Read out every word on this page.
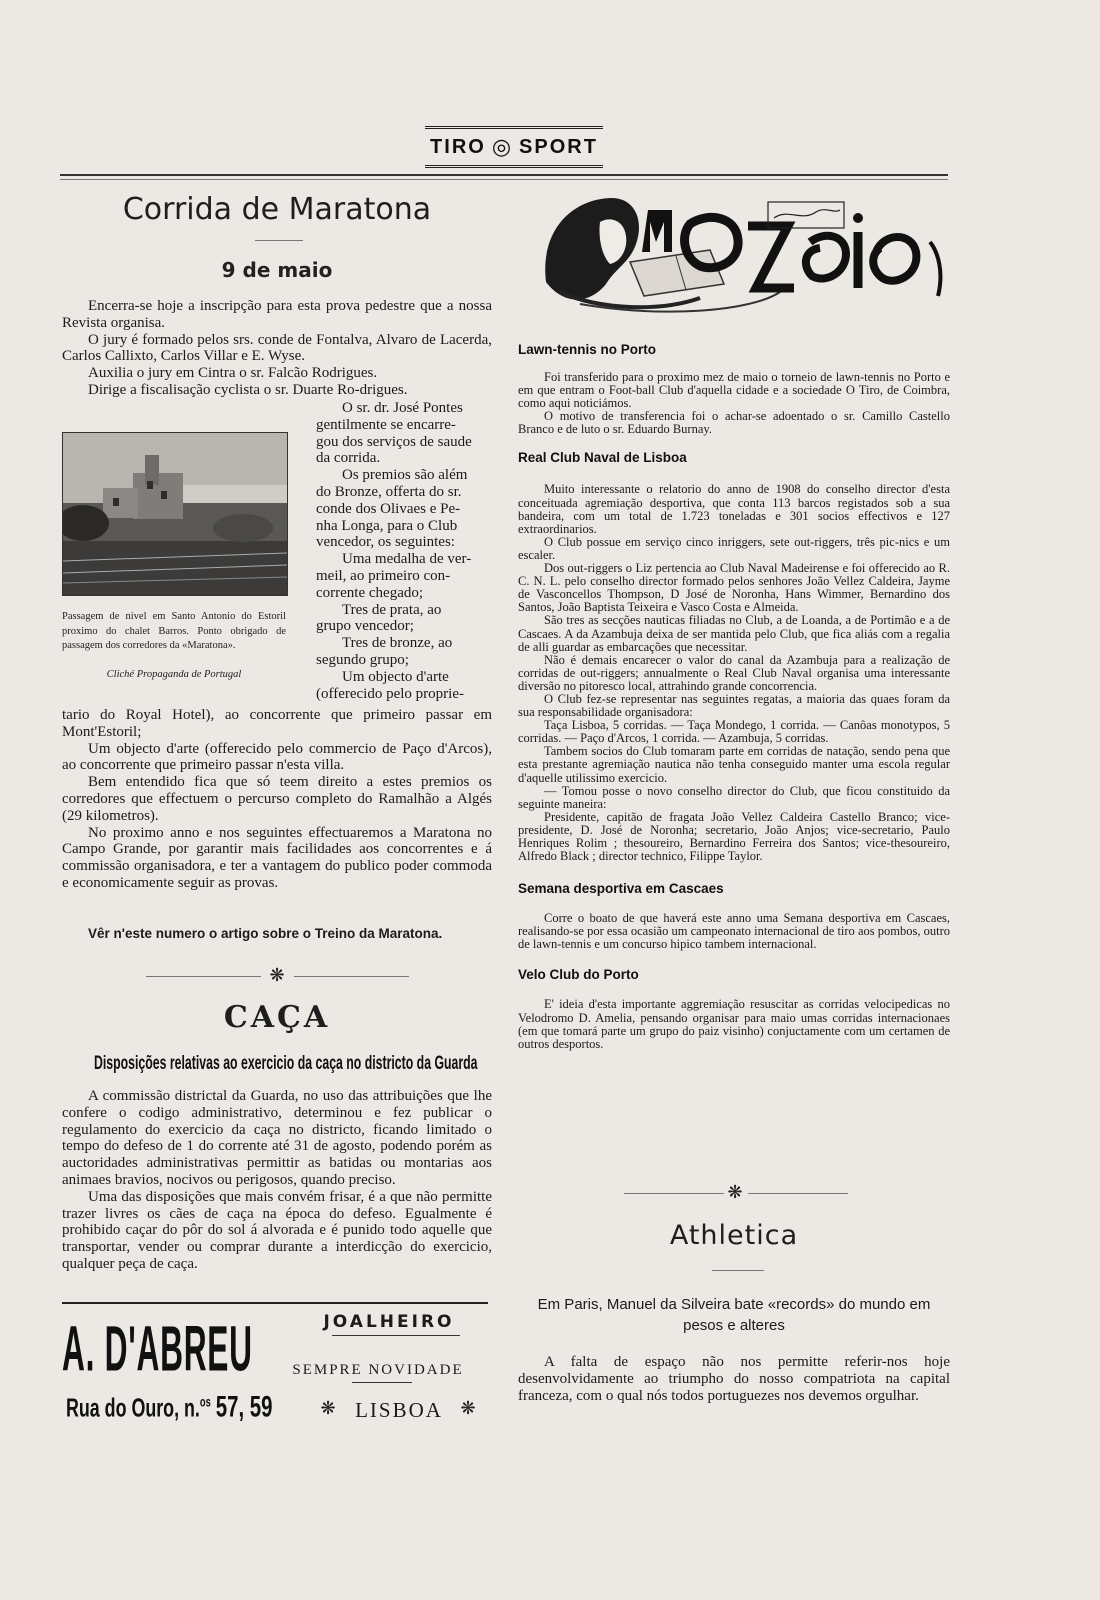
TIRO ◎ SPORT
Corrida de Maratona
9 de maio

Encerra-se hoje a inscripção para esta prova pedestre que a nossa Revista organisa.

O jury é formado pelos srs. conde de Fontalva, Alvaro de Lacerda, Carlos Callixto, Carlos Villar e E. Wyse.

Auxilia o jury em Cintra o sr. Falcão Rodrigues.

Dirige a fiscalisação cyclista o sr. Duarte Ro-drigues.

Passagem de nivel em Santo Antonio do Estoril proximo do chalet Barros. Ponto obrigado de passagem dos corredores da «Maratona».
Cliché Propaganda de Portugal
O sr. dr. José Pontes
gentilmente se encarre-
gou dos serviços de saude
da corrida.
Os premios são além
do Bronze, offerta do sr.
conde dos Olivaes e Pe-
nha Longa, para o Club
vencedor, os seguintes:
Uma medalha de ver-
meil, ao primeiro con-
corrente chegado;
Tres de prata, ao
grupo vencedor;
Tres de bronze, ao
segundo grupo;
Um objecto d'arte
(offerecido pelo proprie-

tario do Royal Hotel), ao concorrente que primeiro passar em Mont'Estoril;

Um objecto d'arte (offerecido pelo commercio de Paço d'Arcos), ao concorrente que primeiro passar n'esta villa.

Bem entendido fica que só teem direito a estes premios os corredores que effectuem o percurso completo do Ramalhão a Algés (29 kilometros).

No proximo anno e nos seguintes effectuaremos a Maratona no Campo Grande, por garantir mais facilidades aos concorrentes e á commissão organisadora, e ter a vantagem do publico poder commoda e economicamente seguir as provas.

Vêr n'este numero o artigo sobre o Treino da Maratona.
❋
CAÇA
Disposições relativas ao exercicio da caça no districto da Guarda

A commissão districtal da Guarda, no uso das attribuições que lhe confere o codigo administrativo, determinou e fez publicar o regulamento do exercicio da caça no districto, ficando limitado o tempo do defeso de 1 do corrente até 31 de agosto, podendo porém as auctoridades administrativas permittir as batidas ou montarias aos animaes bravios, nocivos ou perigosos, quando preciso.

Uma das disposições que mais convém frisar, é a que não permitte trazer livres os cães de caça na época do defeso. Egualmente é prohibido caçar do pôr do sol á alvorada e é punido todo aquelle que transportar, vender ou comprar durante a interdicção do exercicio, qualquer peça de caça.

A. D'ABREU	JOALHEIRO
SEMPRE NOVIDADE
Rua do Ouro, n.$^{os}$ 57, 59	❋ LISBOA ❋
Lawn-tennis no Porto

Foi transferido para o proximo mez de maio o torneio de lawn-tennis no Porto e em que entram o Foot-ball Club d'aquella cidade e a sociedade O Tiro, de Coimbra, como aqui noticiámos.

O motivo de transferencia foi o achar-se adoentado o sr. Camillo Castello Branco e de luto o sr. Eduardo Burnay.

Real Club Naval de Lisboa

Muito interessante o relatorio do anno de 1908 do conselho director d'esta conceituada agremiação desportiva, que conta 113 barcos registados sob a sua bandeira, com um total de 1.723 toneladas e 301 socios effectivos e 127 extraordinarios.

O Club possue em serviço cinco inriggers, sete out-riggers, três pic-nics e um escaler.

Dos out-riggers o Liz pertencia ao Club Naval Madeirense e foi offerecido ao R. C. N. L. pelo conselho director formado pelos senhores João Vellez Caldeira, Jayme de Vasconcellos Thompson, D José de Noronha, Hans Wimmer, Bernardino dos Santos, João Baptista Teixeira e Vasco Costa e Almeida.

São tres as secções nauticas filiadas no Club, a de Loanda, a de Portimão e a de Cascaes. A da Azambuja deixa de ser mantida pelo Club, que fica aliás com a regalia de alli guardar as embarcações que necessitar.

Não é demais encarecer o valor do canal da Azambuja para a realização de corridas de out-riggers; annualmente o Real Club Naval organisa uma interessante diversão no pitoresco local, attrahindo grande concorrencia.

O Club fez-se representar nas seguintes regatas, a maioria das quaes foram da sua responsabilidade organisadora:

Taça Lisboa, 5 corridas. — Taça Mondego, 1 corrida. — Canôas monotypos, 5 corridas. — Paço d'Arcos, 1 corrida. — Azambuja, 5 corridas.

Tambem socios do Club tomaram parte em corridas de natação, sendo pena que esta prestante agremiação nautica não tenha conseguido manter uma escola regular d'aquelle utilissimo exercicio.

— Tomou posse o novo conselho director do Club, que ficou constituido da seguinte maneira:

Presidente, capitão de fragata João Vellez Caldeira Castello Branco; vice-presidente, D. José de Noronha; secretario, João Anjos; vice-secretario, Paulo Henriques Rolim ; thesoureiro, Bernardino Ferreira dos Santos; vice-thesoureiro, Alfredo Black ; director technico, Filippe Taylor.

Semana desportiva em Cascaes

Corre o boato de que haverá este anno uma Semana desportiva em Cascaes, realisando-se por essa ocasião um campeonato internacional de tiro aos pombos, outro de lawn-tennis e um concurso hipico tambem internacional.

Velo Club do Porto

E' ideia d'esta importante aggremiação resuscitar as corridas velocipedicas no Velodromo D. Amelia, pensando organisar para maio umas corridas internacionaes (em que tomará parte um grupo do paiz visinho) conjuctamente com um certamen de outros desportos.

❋
Athletica
Em Paris, Manuel da Silveira bate «records» do mundo em pesos e alteres

A falta de espaço não nos permitte referir-nos hoje desenvolvidamente ao triumpho do nosso compatriota na capital franceza, com o qual nós todos portuguezes nos devemos orgulhar.
